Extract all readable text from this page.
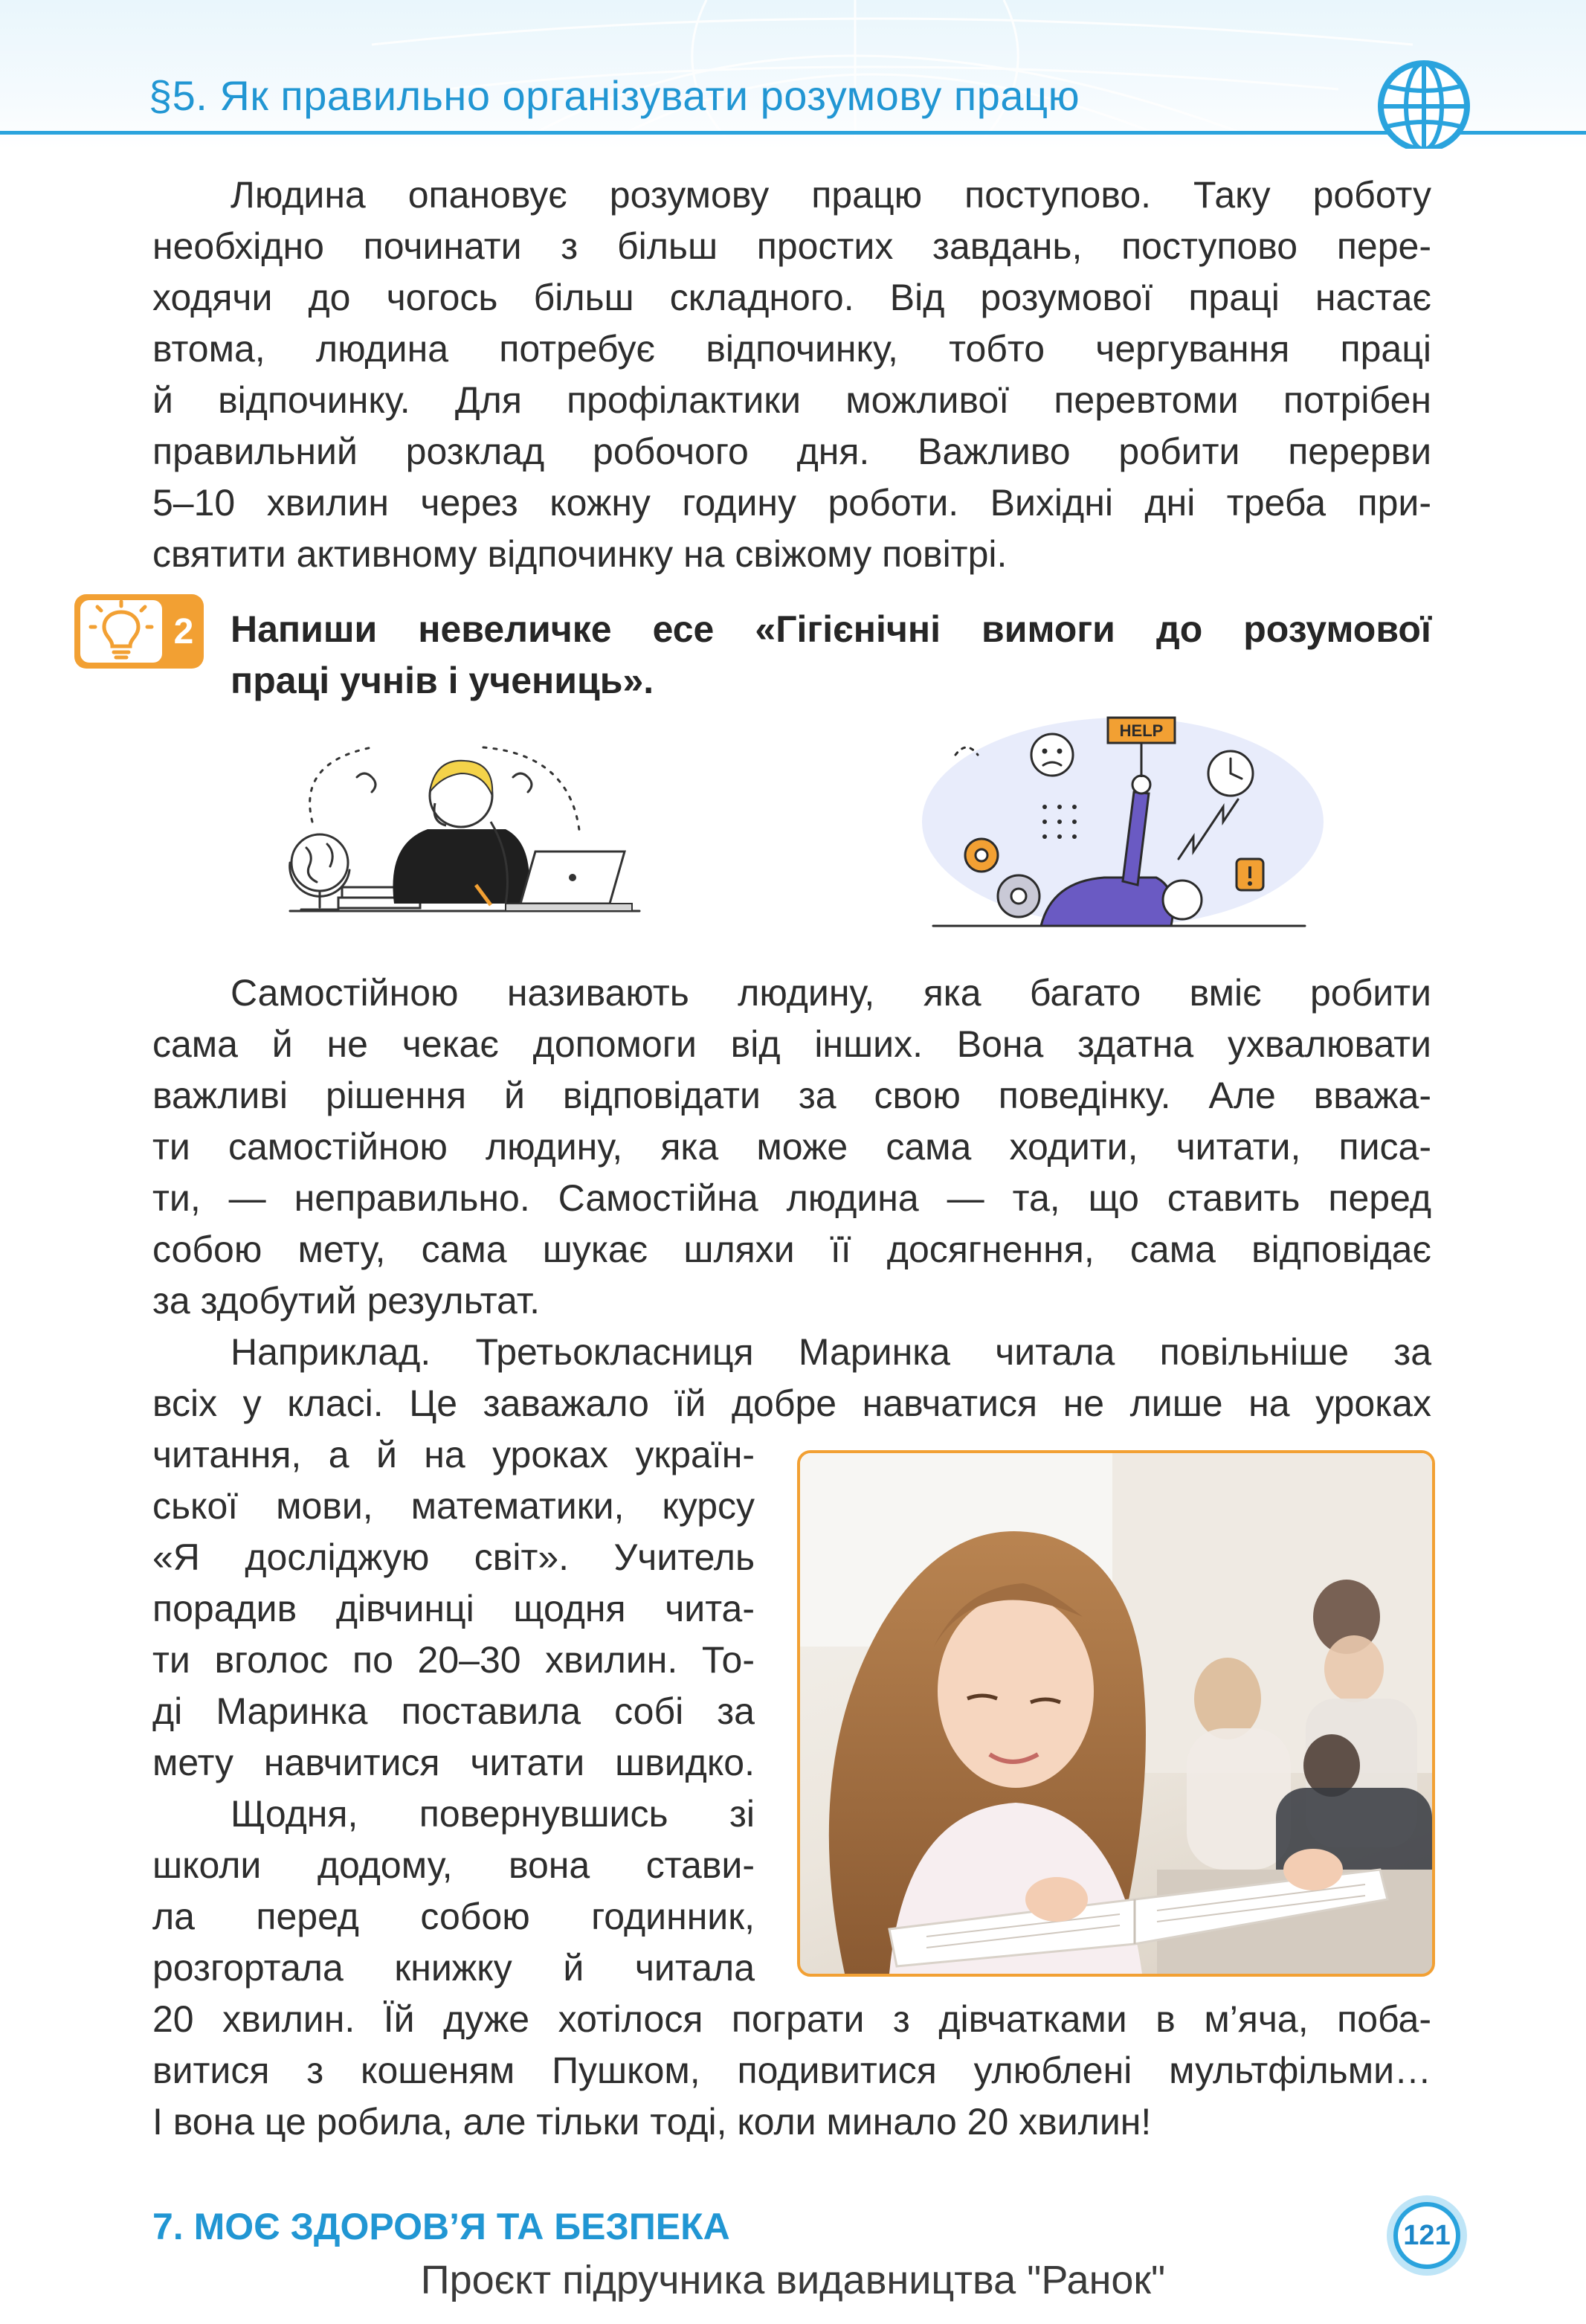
§5. Як правильно організувати розумову працю
Людина опановує розумову працю поступово. Таку роботу
необхідно починати з більш простих завдань, поступово пере-
ходячи до чогось більш складного. Від розумової праці настає
втома, людина потребує відпочинку, тобто чергування праці
й відпочинку. Для профілактики можливої перевтоми потрібен
правильний розклад робочого дня. Важливо робити перерви
5–10 хвилин через кожну годину роботи. Вихідні дні треба при-
святити активному відпочинку на свіжому повітрі.
2 Напиши невеличке есе «Гігієнічні вимоги до розумової
праці учнів і учениць».
HELP
Самостійною називають людину, яка багато вміє робити
сама й не чекає допомоги від інших. Вона здатна ухвалювати
важливі рішення й відповідати за свою поведінку. Але вважа-
ти самостійною людину, яка може сама ходити, читати, писа-
ти, — неправильно. Самостійна людина — та, що ставить перед
собою мету, сама шукає шляхи її досягнення, сама відповідає
за здобутий результат.
Наприклад. Третьокласниця Маринка читала повільніше за
всіх у класі. Це заважало їй добре навчатися не лише на уроках
читання, а й на уроках україн-
ської мови, математики, курсу
«Я досліджую світ». Учитель
порадив дівчинці щодня чита-
ти вголос по 20–30 хвилин. То-
ді Маринка поставила собі за
мету навчитися читати швидко.
Щодня, повернувшись зі
школи додому, вона стави-
ла перед собою годинник,
розгортала книжку й читала
20 хвилин. Їй дуже хотілося пограти з дівчатками в м’яча, поба-
витися з кошеням Пушком, подивитися улюблені мультфільми…
І вона це робила, але тільки тоді, коли минало 20 хвилин!
7. МОЄ ЗДОРОВ’Я ТА БЕЗПЕКА	121
Проєкт підручника видавництва "Ранок"
